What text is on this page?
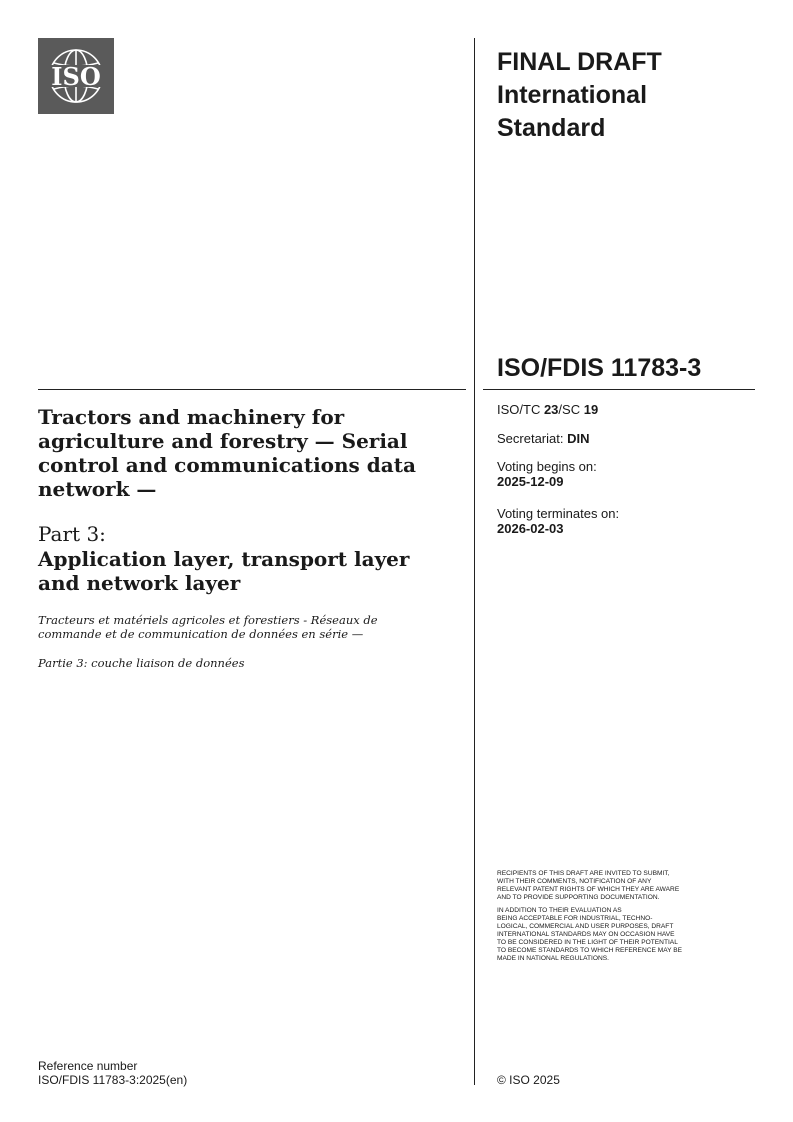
ISO	FINAL DRAFT
International
Standard
ISO/FDIS 11783-3
ISO/TC 23/SC 19
Secretariat: DIN
Voting begins on:
2025-12-09
Voting terminates on:
2026-02-03
Tractors and machinery for
agriculture and forestry — Serial
control and communications data
network —
Part 3:
Application layer, transport layer
and network layer
Tracteurs et matériels agricoles et forestiers - Réseaux de
commande et de communication de données en série —
Partie 3: couche liaison de données
RECIPIENTS OF THIS DRAFT ARE INVITED TO SUBMIT,
WITH THEIR COMMENTS, NOTIFICATION OF ANY
RELEVANT PATENT RIGHTS OF WHICH THEY ARE AWARE
AND TO PROVIDE SUPPORTING DOCUMENTATION.
IN ADDITION TO THEIR EVALUATION AS
BEING ACCEPTABLE FOR INDUSTRIAL, TECHNO-
LOGICAL, COMMERCIAL AND USER PURPOSES, DRAFT
INTERNATIONAL STANDARDS MAY ON OCCASION HAVE
TO BE CONSIDERED IN THE LIGHT OF THEIR POTENTIAL
TO BECOME STANDARDS TO WHICH REFERENCE MAY BE
MADE IN NATIONAL REGULATIONS.
Reference number
ISO/FDIS 11783-3:2025(en)	© ISO 2025
